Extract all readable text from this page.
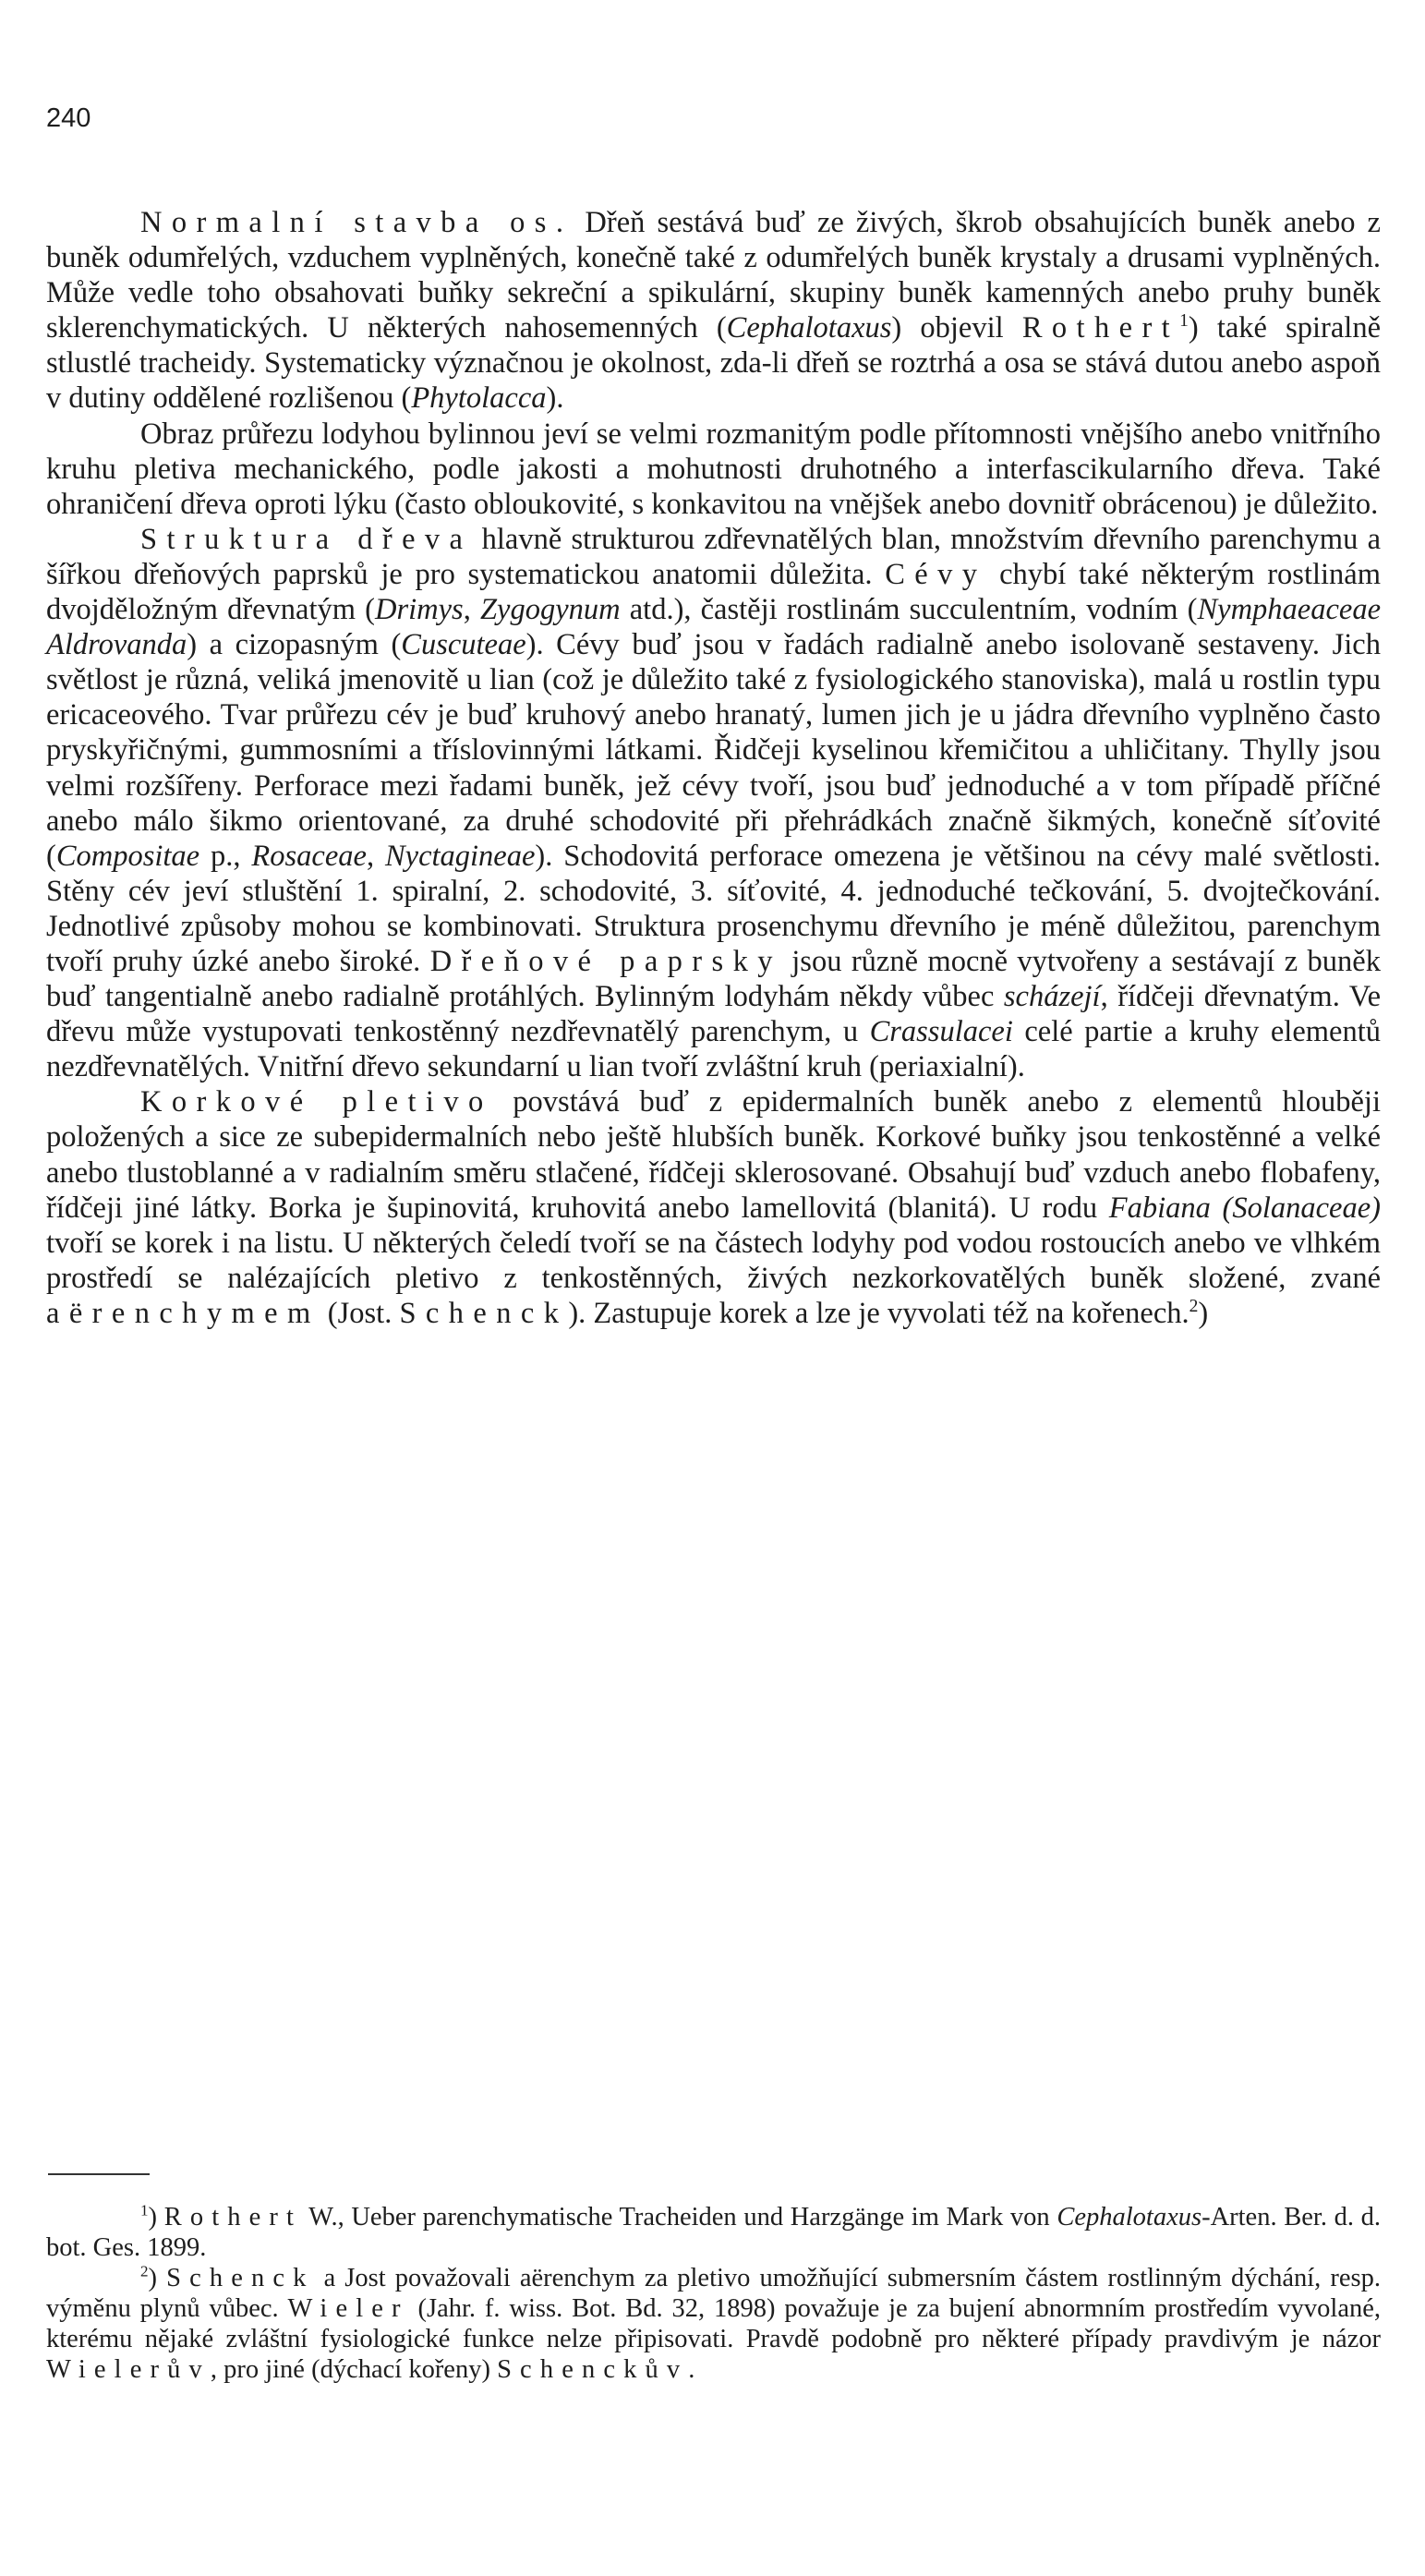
240

Normalní stavba os. Dřeň sestává buď ze živých, škrob obsahujících buněk anebo z buněk odumřelých, vzduchem vyplněných, konečně také z odumřelých buněk krystaly a drusami vyplněných. Může vedle toho obsahovati buňky sekreční a spikulární, skupiny buněk kamenných anebo pruhy buněk sklerenchymatických. U některých nahosemenných (Cephalotaxus) objevil Rothert$^1$) také spiralně stlustlé tracheidy. Systematicky význačnou je okolnost, zda-li dřeň se roztrhá a osa se stává dutou anebo aspoň v dutiny oddělené rozlišenou (Phytolacca).

Obraz průřezu lodyhou bylinnou jeví se velmi rozmanitým podle přítomnosti vnějšího anebo vnitřního kruhu pletiva mechanického, podle jakosti a mohutnosti druhotného a interfascikularního dřeva. Také ohraničení dřeva oproti lýku (často obloukovité, s konkavitou na vnějšek anebo dovnitř obrácenou) je důležito.

Struktura dřeva hlavně strukturou zdřevnatělých blan, množstvím dřevního parenchymu a šířkou dřeňových paprsků je pro systematickou anatomii důležita. Cévy chybí také některým rostlinám dvojděložným dřevnatým (Drimys, Zygogynum atd.), častěji rostlinám succulentním, vodním (Nymphaeaceae Aldrovanda) a cizopasným (Cuscuteae). Cévy buď jsou v řadách radialně anebo isolovaně sestaveny. Jich světlost je různá, veliká jmenovitě u lian (což je důležito také z fysiologického stanoviska), malá u rostlin typu ericaceového. Tvar průřezu cév je buď kruhový anebo hranatý, lumen jich je u jádra dřevního vyplněno často pryskyřičnými, gummosními a tříslovinnými látkami. Řidčeji kyselinou křemičitou a uhličitany. Thylly jsou velmi rozšířeny. Perforace mezi řadami buněk, jež cévy tvoří, jsou buď jednoduché a v tom případě příčné anebo málo šikmo orientované, za druhé schodovité při přehrádkách značně šikmých, konečně síťovité (Compositae p., Rosaceae, Nyctagineae). Schodovitá perforace omezena je většinou na cévy malé světlosti. Stěny cév jeví stluštění 1. spiralní, 2. schodovité, 3. síťovité, 4. jednoduché tečkování, 5. dvojtečkování. Jednotlivé způsoby mohou se kombinovati. Struktura prosenchymu dřevního je méně důležitou, parenchym tvoří pruhy úzké anebo široké. Dřeňové paprsky jsou různě mocně vytvořeny a sestávají z buněk buď tangentialně anebo radialně protáhlých. Bylinným lodyhám někdy vůbec scházejí, řídčeji dřevnatým. Ve dřevu může vystupovati tenkostěnný nezdřevnatělý parenchym, u Crassulacei celé partie a kruhy elementů nezdřevnatělých. Vnitřní dřevo sekundarní u lian tvoří zvláštní kruh (periaxialní).

Korkové pletivo povstává buď z epidermalních buněk anebo z elementů hlouběji položených a sice ze subepidermalních nebo ještě hlubších buněk. Korkové buňky jsou tenkostěnné a velké anebo tlustoblanné a v radialním směru stlačené, řídčeji sklerosované. Obsahují buď vzduch anebo flobafeny, řídčeji jiné látky. Borka je šupinovitá, kruhovitá anebo lamellovitá (blanitá). U rodu Fabiana (Solanaceae) tvoří se korek i na listu. U některých čeledí tvoří se na částech lodyhy pod vodou rostoucích anebo ve vlhkém prostředí se nalézajících pletivo z tenkostěnných, živých nezkorkovatělých buněk složené, zvané aërenchymem (Jost. Schenck). Zastupuje korek a lze je vyvolati též na kořenech.$^2$)

$^1$) Rothert W., Ueber parenchymatische Tracheiden und Harzgänge im Mark von Cephalotaxus-Arten. Ber. d. d. bot. Ges. 1899.

$^2$) Schenck a Jost považovali aërenchym za pletivo umožňující submersním částem rostlinným dýchání, resp. výměnu plynů vůbec. Wieler (Jahr. f. wiss. Bot. Bd. 32, 1898) považuje je za bujení abnormním prostředím vyvolané, kterému nějaké zvláštní fysiologické funkce nelze připisovati. Pravdě podobně pro některé případy pravdivým je názor Wielerův, pro jiné (dýchací kořeny) Schenckův.
